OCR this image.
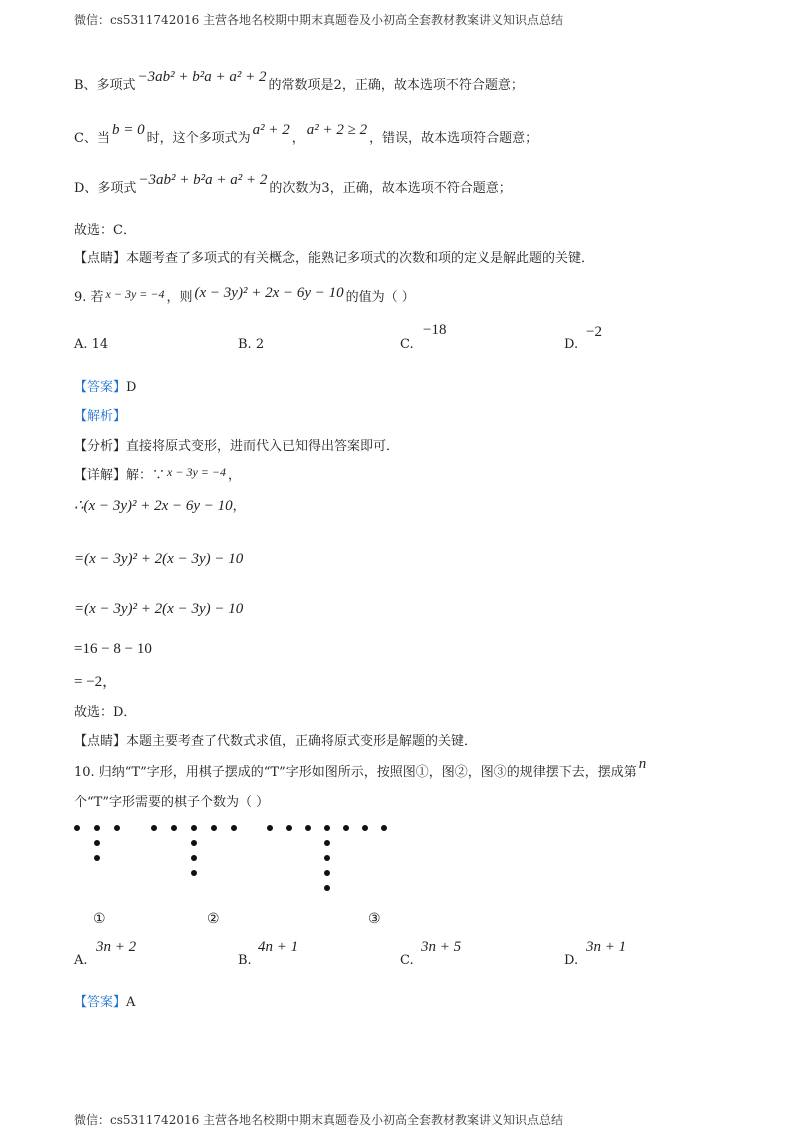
微信：cs5311742016 主营各地名校期中期末真题卷及小初高全套教材教案讲义知识点总结
B、多项式−3ab² + b²a + a² + 2的常数项是2，正确，故本选项不符合题意；
C、当b = 0时，这个多项式为a² + 2，a² + 2 ≥ 2，错误，故本选项符合题意；
D、多项式−3ab² + b²a + a² + 2的次数为3，正确，故本选项不符合题意；
故选：C．
【点睛】本题考查了多项式的有关概念，能熟记多项式的次数和项的定义是解此题的关键．
9. 若 x − 3y = −4 ，则 (x − 3y)² + 2x − 6y − 10 的值为（ ）
A. 14	B. 2	C.
−18
D.
−2
【答案】D
【解析】
【分析】直接将原式变形，进而代入已知得出答案即可．
【详解】解：∵ x − 3y = −4 ，
∴(x − 3y)² + 2x − 6y − 10，
=(x − 3y)² + 2(x − 3y) − 10
=(x − 3y)² + 2(x − 3y) − 10
=16 − 8 − 10
= −2，
故选：D．
【点睛】本题主要考查了代数式求值，正确将原式变形是解题的关键．
10. 归纳“T”字形，用棋子摆成的“T”字形如图所示，按照图①，图②，图③的规律摆下去，摆成第n
个“T”字形需要的棋子个数为（ ）
①	②	③
A.
3n + 2
B.
4n + 1
C.
3n + 5
D.
3n + 1
【答案】A
微信：cs5311742016 主营各地名校期中期末真题卷及小初高全套教材教案讲义知识点总结
